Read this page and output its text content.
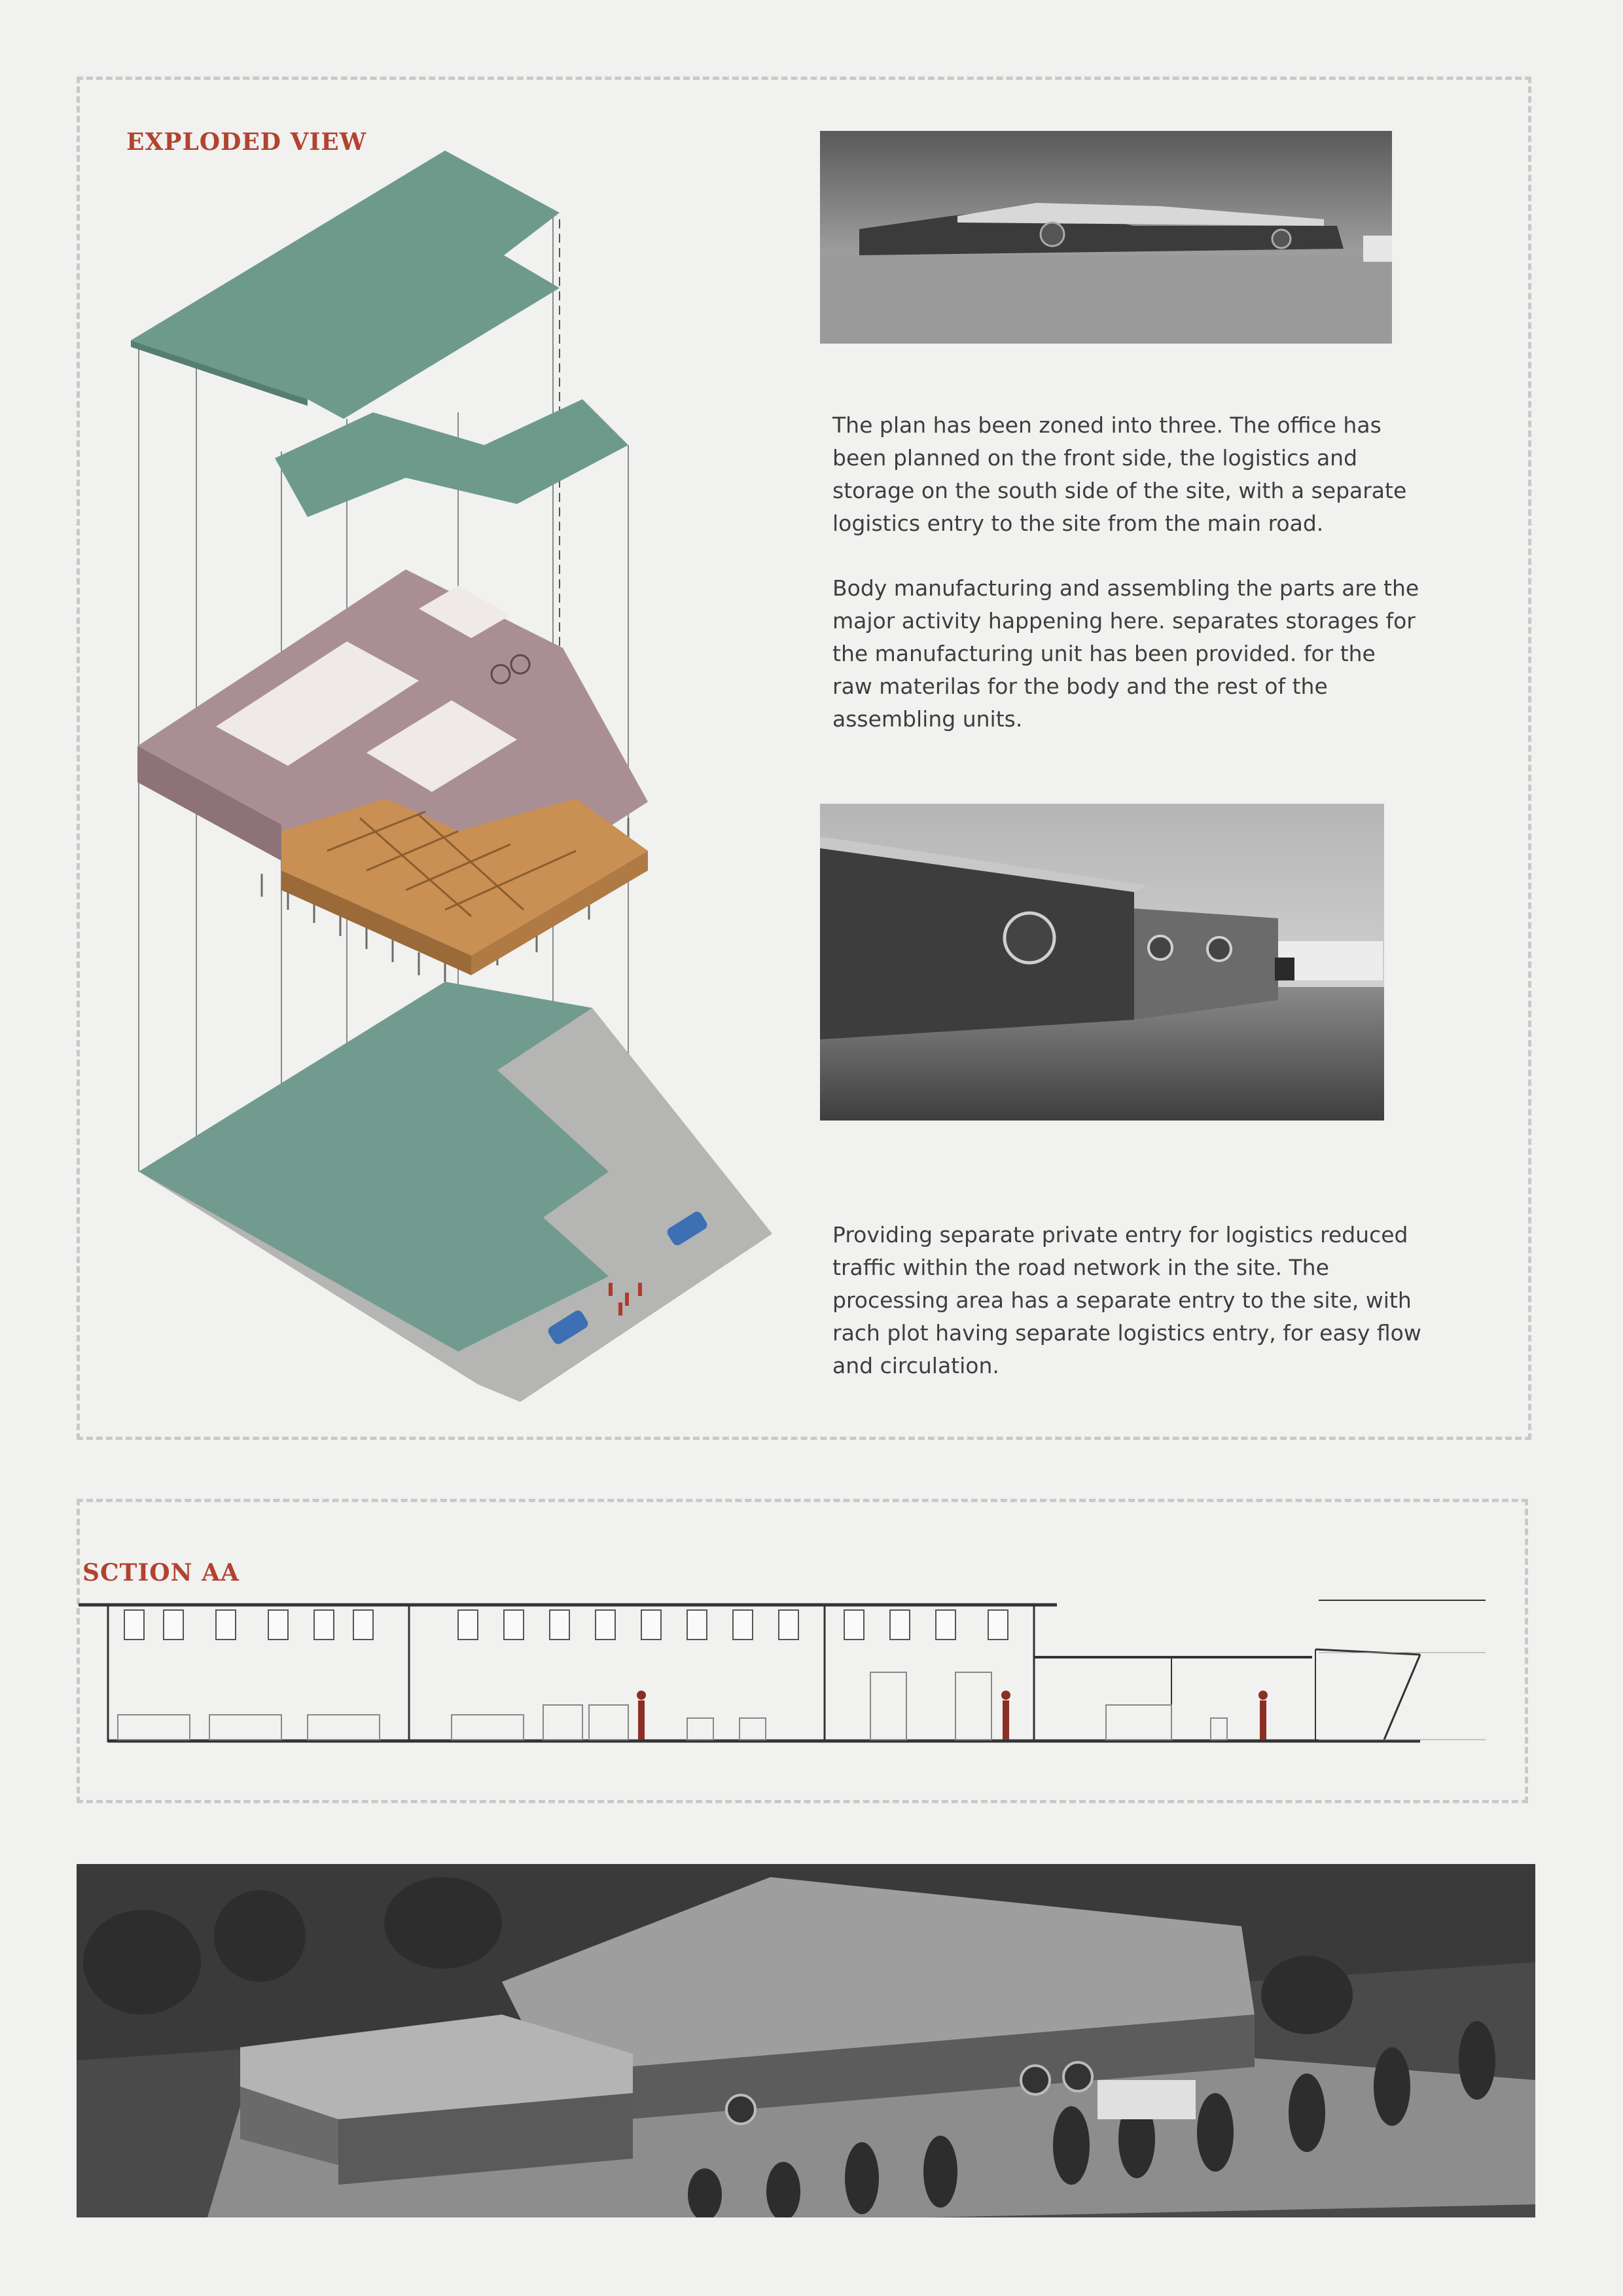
EXPLODED VIEW

The plan has been zoned into three. The office has been planned on the front side, the logistics and storage on the south side of the site, with a separate logistics entry to the site from the main road.

Body manufacturing and assembling the parts are the major activity happening here. separates storages for the manufacturing unit has been provided. for the raw materilas for the body and the rest of the assembling units.

Providing separate private entry for logistics reduced traffic within the road network in the site. The processing area has a separate entry to the site, with rach plot having separate logistics entry, for easy flow and circulation.

SCTION AA
